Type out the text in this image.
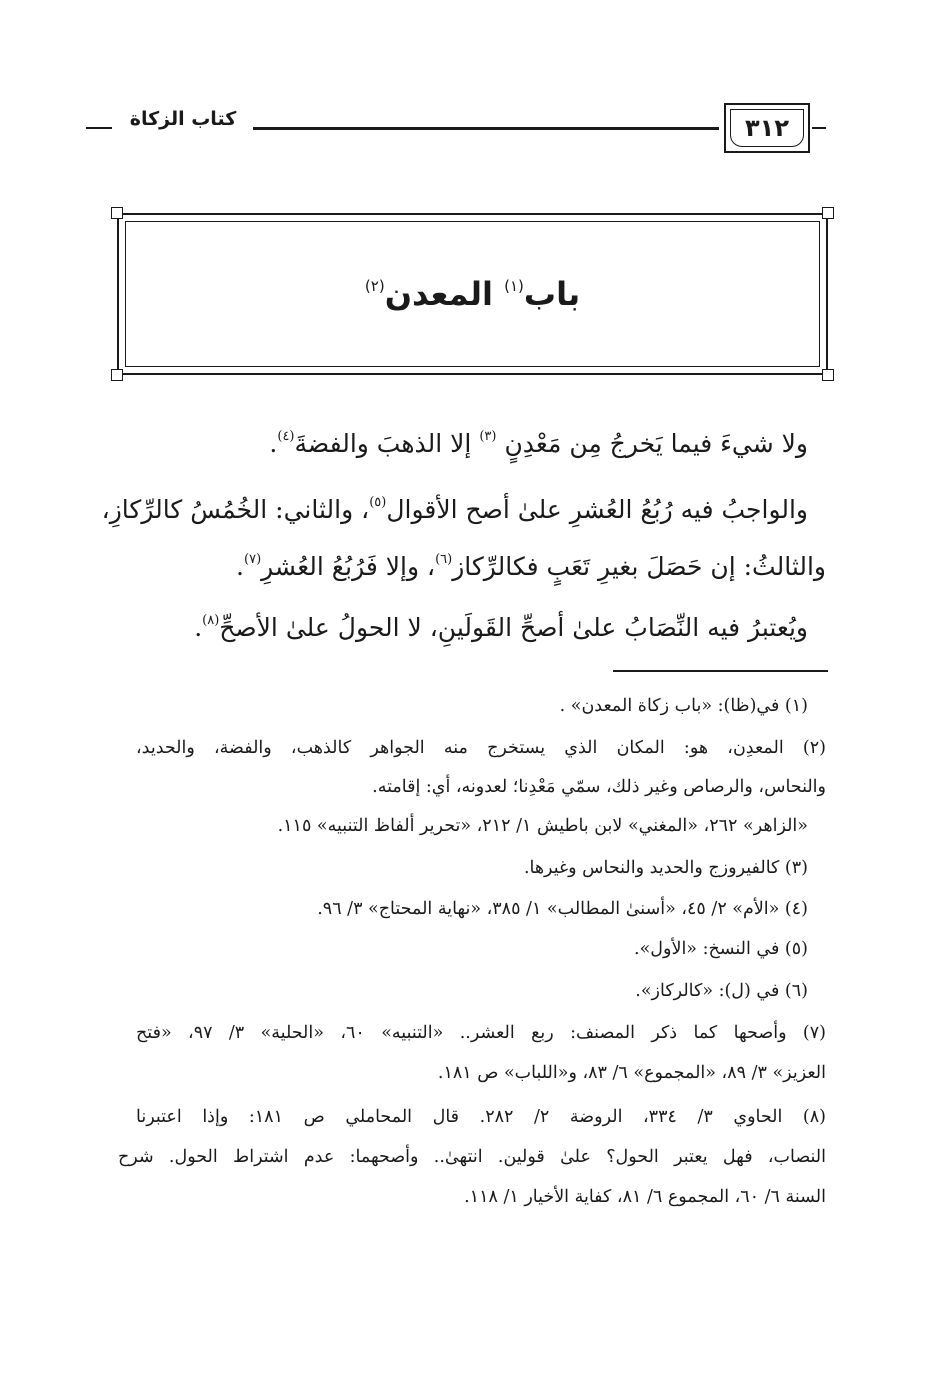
٣١٢
كتاب الزكاة
باب$^{(١)}$ المعدن$^{(٢)}$
ولا شيءَ فيما يَخرجُ مِن مَعْدِنٍ $^{(٣)}$ إلا الذهبَ والفضةَ$^{(٤)}$.
والواجبُ فيه رُبُعُ العُشرِ علىٰ أصح الأقوال$^{(٥)}$، والثاني: الخُمُسُ كالرِّكازِ،
والثالثُ: إن حَصَلَ بغيرِ تَعَبٍ فكالرِّكاز$^{(٦)}$، وإلا فَرُبُعُ العُشرِ$^{(٧)}$.
ويُعتبرُ فيه النِّصَابُ علىٰ أصحِّ القَولَينِ، لا الحولُ علىٰ الأصحِّ$^{(٨)}$.
(١) في(ظا): «باب زكاة المعدن» .
(٢) المعدِن، هو: المكان الذي يستخرج منه الجواهر كالذهب، والفضة، والحديد،
والنحاس، والرصاص وغير ذلك، سمّي مَعْدِنا؛ لعدونه، أي: إقامته.
«الزاهر» ٢٦٢، «المغني» لابن باطيش ١/ ٢١٢، «تحرير ألفاظ التنبيه» ١١٥.
(٣) كالفيروزج والحديد والنحاس وغيرها.
(٤) «الأم» ٢/ ٤٥، «أسنىٰ المطالب» ١/ ٣٨٥، «نهاية المحتاج» ٣/ ٩٦.
(٥) في النسخ: «الأول».
(٦) في (ل): «كالركاز».
(٧) وأصحها كما ذكر المصنف: ربع العشر.. «التنبيه» ٦٠، «الحلية» ٣/ ٩٧، «فتح
العزيز» ٣/ ٨٩، «المجموع» ٦/ ٨٣، و«اللباب» ص ١٨١.
(٨) الحاوي ٣/ ٣٣٤، الروضة ٢/ ٢٨٢. قال المحاملي ص ١٨١: وإذا اعتبرنا
النصاب، فهل يعتبر الحول؟ علىٰ قولين. انتهىٰ.. وأصحهما: عدم اشتراط الحول. شرح
السنة ٦/ ٦٠، المجموع ٦/ ٨١، كفاية الأخيار ١/ ١١٨.
